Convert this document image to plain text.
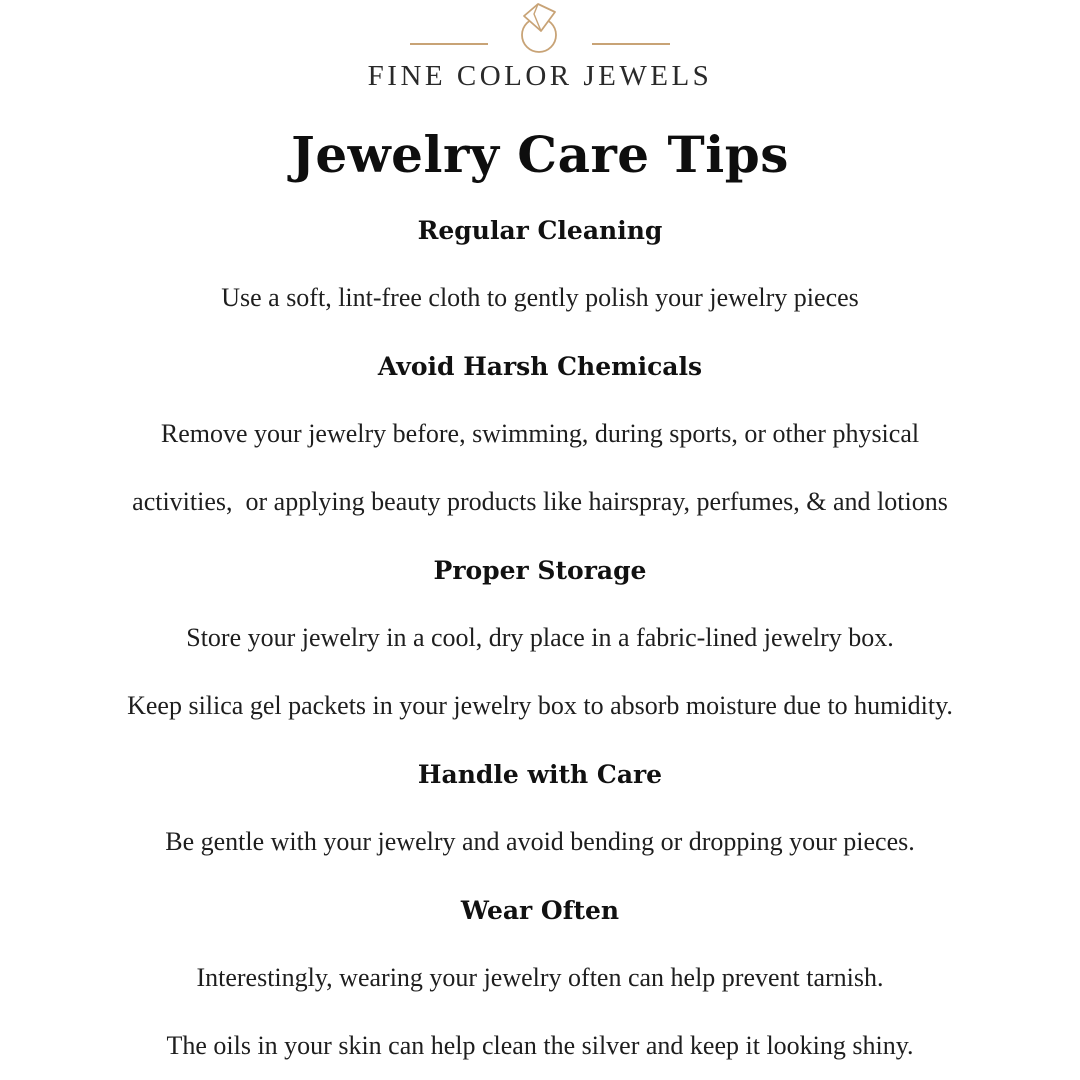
FINE COLOR JEWELS
Jewelry Care Tips
Regular Cleaning
Use a soft, lint-free cloth to gently polish your jewelry pieces
Avoid Harsh Chemicals
Remove your jewelry before, swimming, during sports, or other physical
activities,  or applying beauty products like hairspray, perfumes, & and lotions
Proper Storage
Store your jewelry in a cool, dry place in a fabric-lined jewelry box.
Keep silica gel packets in your jewelry box to absorb moisture due to humidity.
Handle with Care
Be gentle with your jewelry and avoid bending or dropping your pieces.
Wear Often
Interestingly, wearing your jewelry often can help prevent tarnish.
The oils in your skin can help clean the silver and keep it looking shiny.
